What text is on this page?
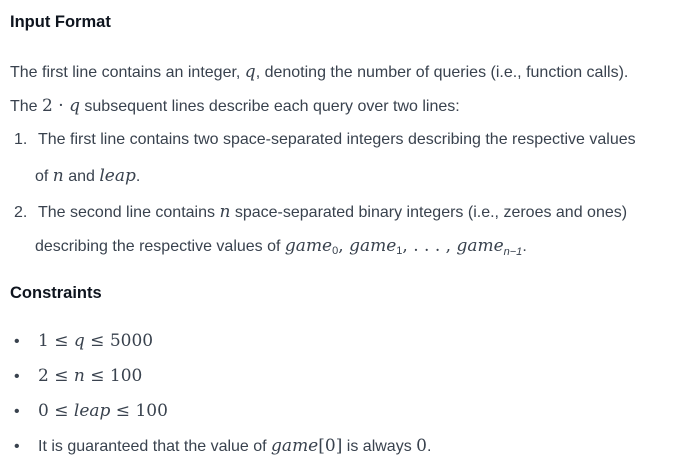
Input Format
The first line contains an integer, q, denoting the number of queries (i.e., function calls).
The 2 · q subsequent lines describe each query over two lines:
1. The first line contains two space-separated integers describing the respective values
of n and leap.
2. The second line contains n space-separated binary integers (i.e., zeroes and ones)
describing the respective values of game$_0$, game$_1$, . . . , game$_{n-1}$.
Constraints
• 1 ≤ q ≤ 5000
• 2 ≤ n ≤ 100
• 0 ≤ leap ≤ 100
• It is guaranteed that the value of game[0] is always 0.
